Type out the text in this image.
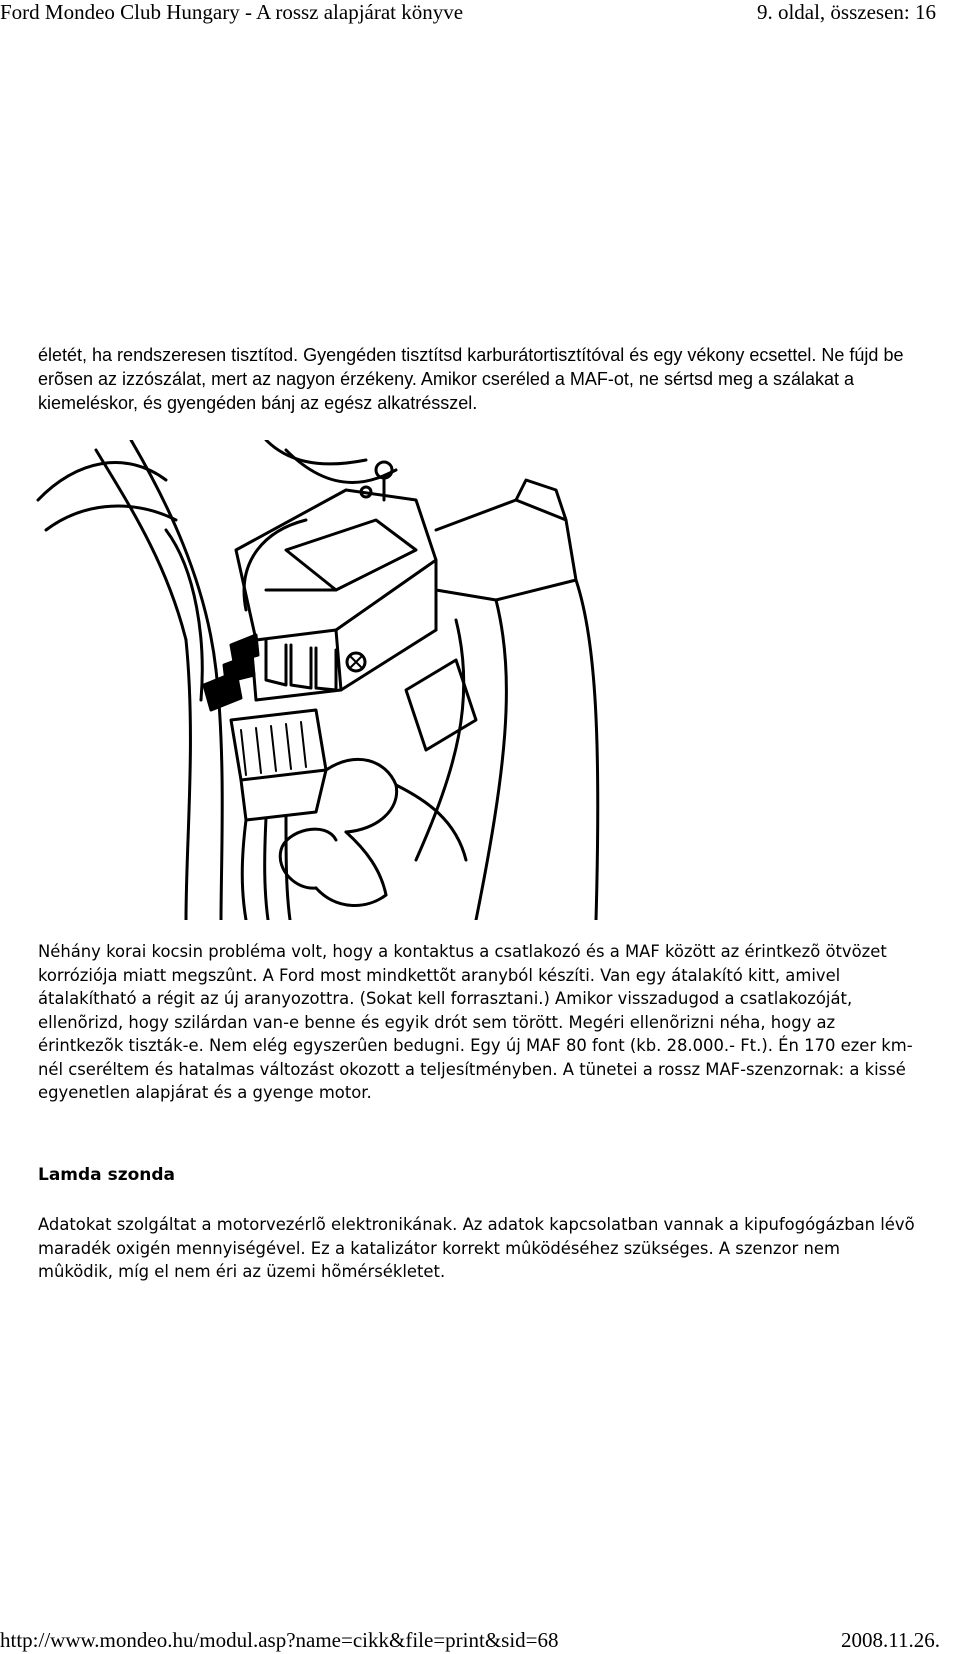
Ford Mondeo Club Hungary - A rossz alapjárat könyve	9. oldal, összesen: 16

életét, ha rendszeresen tisztítod. Gyengéden tisztítsd karburátortisztítóval és egy vékony ecsettel. Ne fújd be erõsen az izzószálat, mert az nagyon érzékeny. Amikor cseréled a MAF-ot, ne sértsd meg a szálakat a kiemeléskor, és gyengéden bánj az egész alkatrésszel.

Néhány korai kocsin probléma volt, hogy a kontaktus a csatlakozó és a MAF között az érintkezõ ötvözet korróziója miatt megszûnt. A Ford most mindkettõt aranyból készíti. Van egy átalakító kitt, amivel átalakítható a régit az új aranyozottra. (Sokat kell forrasztani.) Amikor visszadugod a csatlakozóját, ellenõrizd, hogy szilárdan van-e benne és egyik drót sem törött. Megéri ellenõrizni néha, hogy az érintkezõk tiszták-e. Nem elég egyszerûen bedugni. Egy új MAF 80 font (kb. 28.000.- Ft.). Én 170 ezer km-nél cseréltem és hatalmas változást okozott a teljesítményben. A tünetei a rossz MAF-szenzornak: a kissé egyenetlen alapjárat és a gyenge motor.

Lamda szonda

Adatokat szolgáltat a motorvezérlõ elektronikának. Az adatok kapcsolatban vannak a kipufogógázban lévõ maradék oxigén mennyiségével. Ez a katalizátor korrekt mûködéséhez szükséges. A szenzor nem mûködik, míg el nem éri az üzemi hõmérsékletet.

http://www.mondeo.hu/modul.asp?name=cikk&file=print&sid=68	2008.11.26.
